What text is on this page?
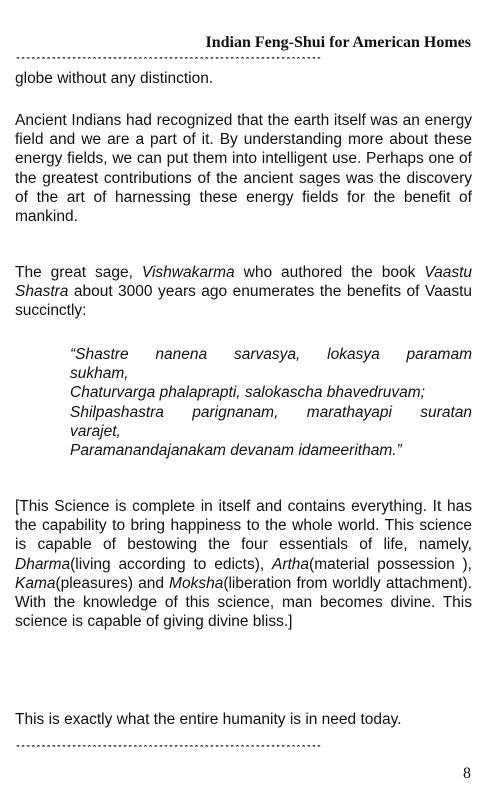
Indian Feng-Shui for American Homes
************************************************************

globe without any distinction.

Ancient Indians had recognized that the earth itself was an energy field and we are a part of it. By understanding more about these energy fields, we can put them into intelligent use. Perhaps one of the greatest contributions of the ancient sages was the discovery of the art of harnessing these energy fields for the benefit of mankind.

The great sage, Vishwakarma who authored the book Vaastu Shastra about 3000 years ago enumerates the benefits of Vaastu succinctly:

“Shastre nanena sarvasya, lokasya paramam

sukham,

Chaturvarga phalaprapti, salokascha bhavedruvam;

Shilpashastra parignanam, marathayapi suratan

varajet,

Paramanandajanakam devanam idameeritham.”

[This Science is complete in itself and contains everything. It has the capability to bring happiness to the whole world. This science is capable of bestowing the four essentials of life, namely, Dharma(living according to edicts), Artha(material possession ), Kama(pleasures) and Moksha(liberation from worldly attachment). With the knowledge of this science, man becomes divine. This science is capable of giving divine bliss.]

This is exactly what the entire humanity is in need today.

************************************************************
8
